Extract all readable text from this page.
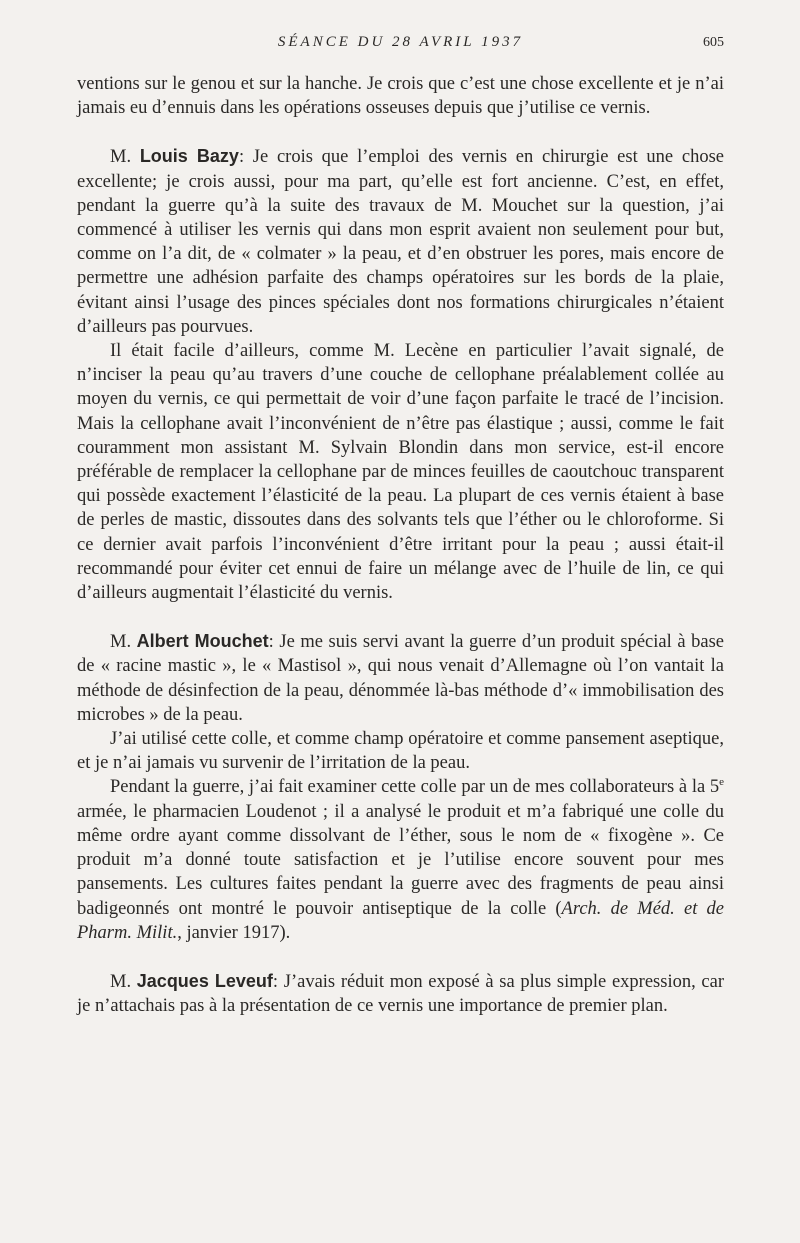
SÉANCE DU 28 AVRIL 1937	605

ventions sur le genou et sur la hanche. Je crois que c’est une chose excellente et je n’ai jamais eu d’ennuis dans les opérations osseuses depuis que j’utilise ce vernis.

M. Louis Bazy: Je crois que l’emploi des vernis en chirurgie est une chose excellente; je crois aussi, pour ma part, qu’elle est fort ancienne. C’est, en effet, pendant la guerre qu’à la suite des travaux de M. Mouchet sur la question, j’ai commencé à utiliser les vernis qui dans mon esprit avaient non seulement pour but, comme on l’a dit, de « colmater » la peau, et d’en obstruer les pores, mais encore de permettre une adhésion parfaite des champs opératoires sur les bords de la plaie, évitant ainsi l’usage des pinces spéciales dont nos formations chirurgicales n’étaient d’ailleurs pas pourvues.

Il était facile d’ailleurs, comme M. Lecène en particulier l’avait signalé, de n’inciser la peau qu’au travers d’une couche de cellophane préalablement collée au moyen du vernis, ce qui permettait de voir d’une façon parfaite le tracé de l’incision. Mais la cellophane avait l’inconvénient de n’être pas élastique ; aussi, comme le fait couramment mon assistant M. Sylvain Blondin dans mon service, est-il encore préférable de remplacer la cellophane par de minces feuilles de caoutchouc transparent qui possède exactement l’élasticité de la peau. La plupart de ces vernis étaient à base de perles de mastic, dissoutes dans des solvants tels que l’éther ou le chloroforme. Si ce dernier avait parfois l’inconvénient d’être irritant pour la peau ; aussi était-il recommandé pour éviter cet ennui de faire un mélange avec de l’huile de lin, ce qui d’ailleurs augmentait l’élasticité du vernis.

M. Albert Mouchet: Je me suis servi avant la guerre d’un produit spécial à base de « racine mastic », le « Mastisol », qui nous venait d’Allemagne où l’on vantait la méthode de désinfection de la peau, dénommée là-bas méthode d’« immobilisation des microbes » de la peau.

J’ai utilisé cette colle, et comme champ opératoire et comme pansement aseptique, et je n’ai jamais vu survenir de l’irritation de la peau.

Pendant la guerre, j’ai fait examiner cette colle par un de mes collaborateurs à la 5e armée, le pharmacien Loudenot ; il a analysé le produit et m’a fabriqué une colle du même ordre ayant comme dissolvant de l’éther, sous le nom de « fixogène ». Ce produit m’a donné toute satisfaction et je l’utilise encore souvent pour mes pansements. Les cultures faites pendant la guerre avec des fragments de peau ainsi badigeonnés ont montré le pouvoir antiseptique de la colle (Arch. de Méd. et de Pharm. Milit., janvier 1917).

M. Jacques Leveuf: J’avais réduit mon exposé à sa plus simple expression, car je n’attachais pas à la présentation de ce vernis une importance de premier plan.
